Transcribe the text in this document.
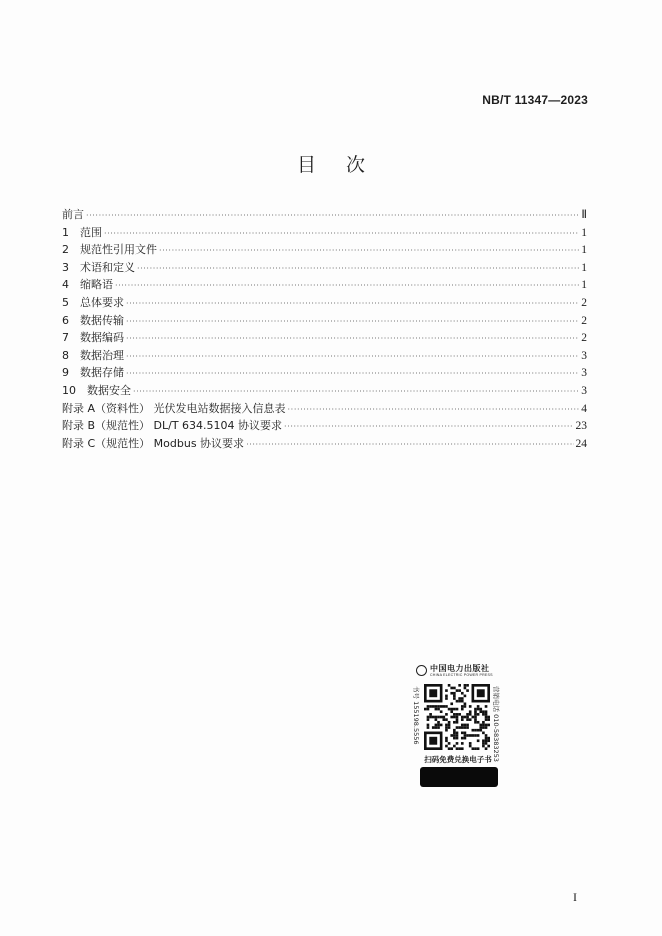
NB/T 11347—2023
目次
前言 ·····	Ⅱ
1	范围 ·····	1
2	规范性引用文件 ·····	1
3	术语和定义 ·····	1
4	缩略语 ·····	1
5	总体要求 ·····	2
6	数据传输 ·····	2
7	数据编码 ·····	2
8	数据治理 ·····	3
9	数据存储 ·····	3
10	数据安全 ·····	3
附录 A（资料性） 光伏发电站数据接入信息表 ·····	4
附录 B（规范性） DL/T 634.5104 协议要求 ·····	23
附录 C（规范性） Modbus 协议要求 ·····	24
中国电力出版社
CHINA ELECTRIC POWER PRESS
书号 155198.5556	营销电话 010-58383253
扫码免费兑换电子书
I
